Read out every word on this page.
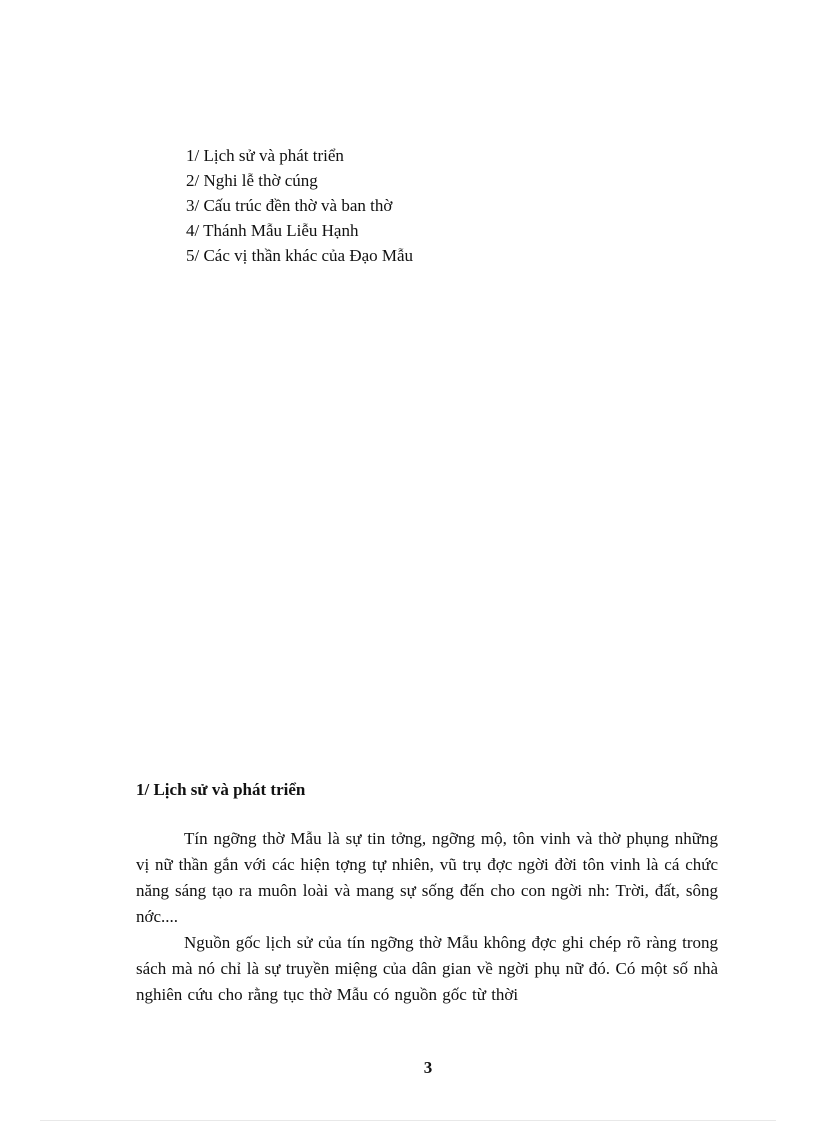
1/ Lịch sử và phát triển
2/ Nghi lễ thờ cúng
3/ Cấu trúc đền thờ và ban thờ
4/ Thánh Mẫu Liễu Hạnh
5/ Các vị thần khác của Đạo Mẫu
1/ Lịch sử và phát triển

Tín ngỡng thờ Mẫu là sự tin tởng, ngỡng mộ, tôn vinh và thờ phụng những vị nữ thần gắn với các hiện tợng tự nhiên, vũ trụ đợc ngời đời tôn vinh là cá chức năng sáng tạo ra muôn loài và mang sự sống đến cho con ngời nh: Trời, đất, sông nớc....

Nguồn gốc lịch sử của tín ngỡng thờ Mẫu không đợc ghi chép rõ ràng trong sách mà nó chỉ là sự truyền miệng của dân gian về ngời phụ nữ đó. Có một số nhà nghiên cứu cho rằng tục thờ Mẫu có nguồn gốc từ thời

3
